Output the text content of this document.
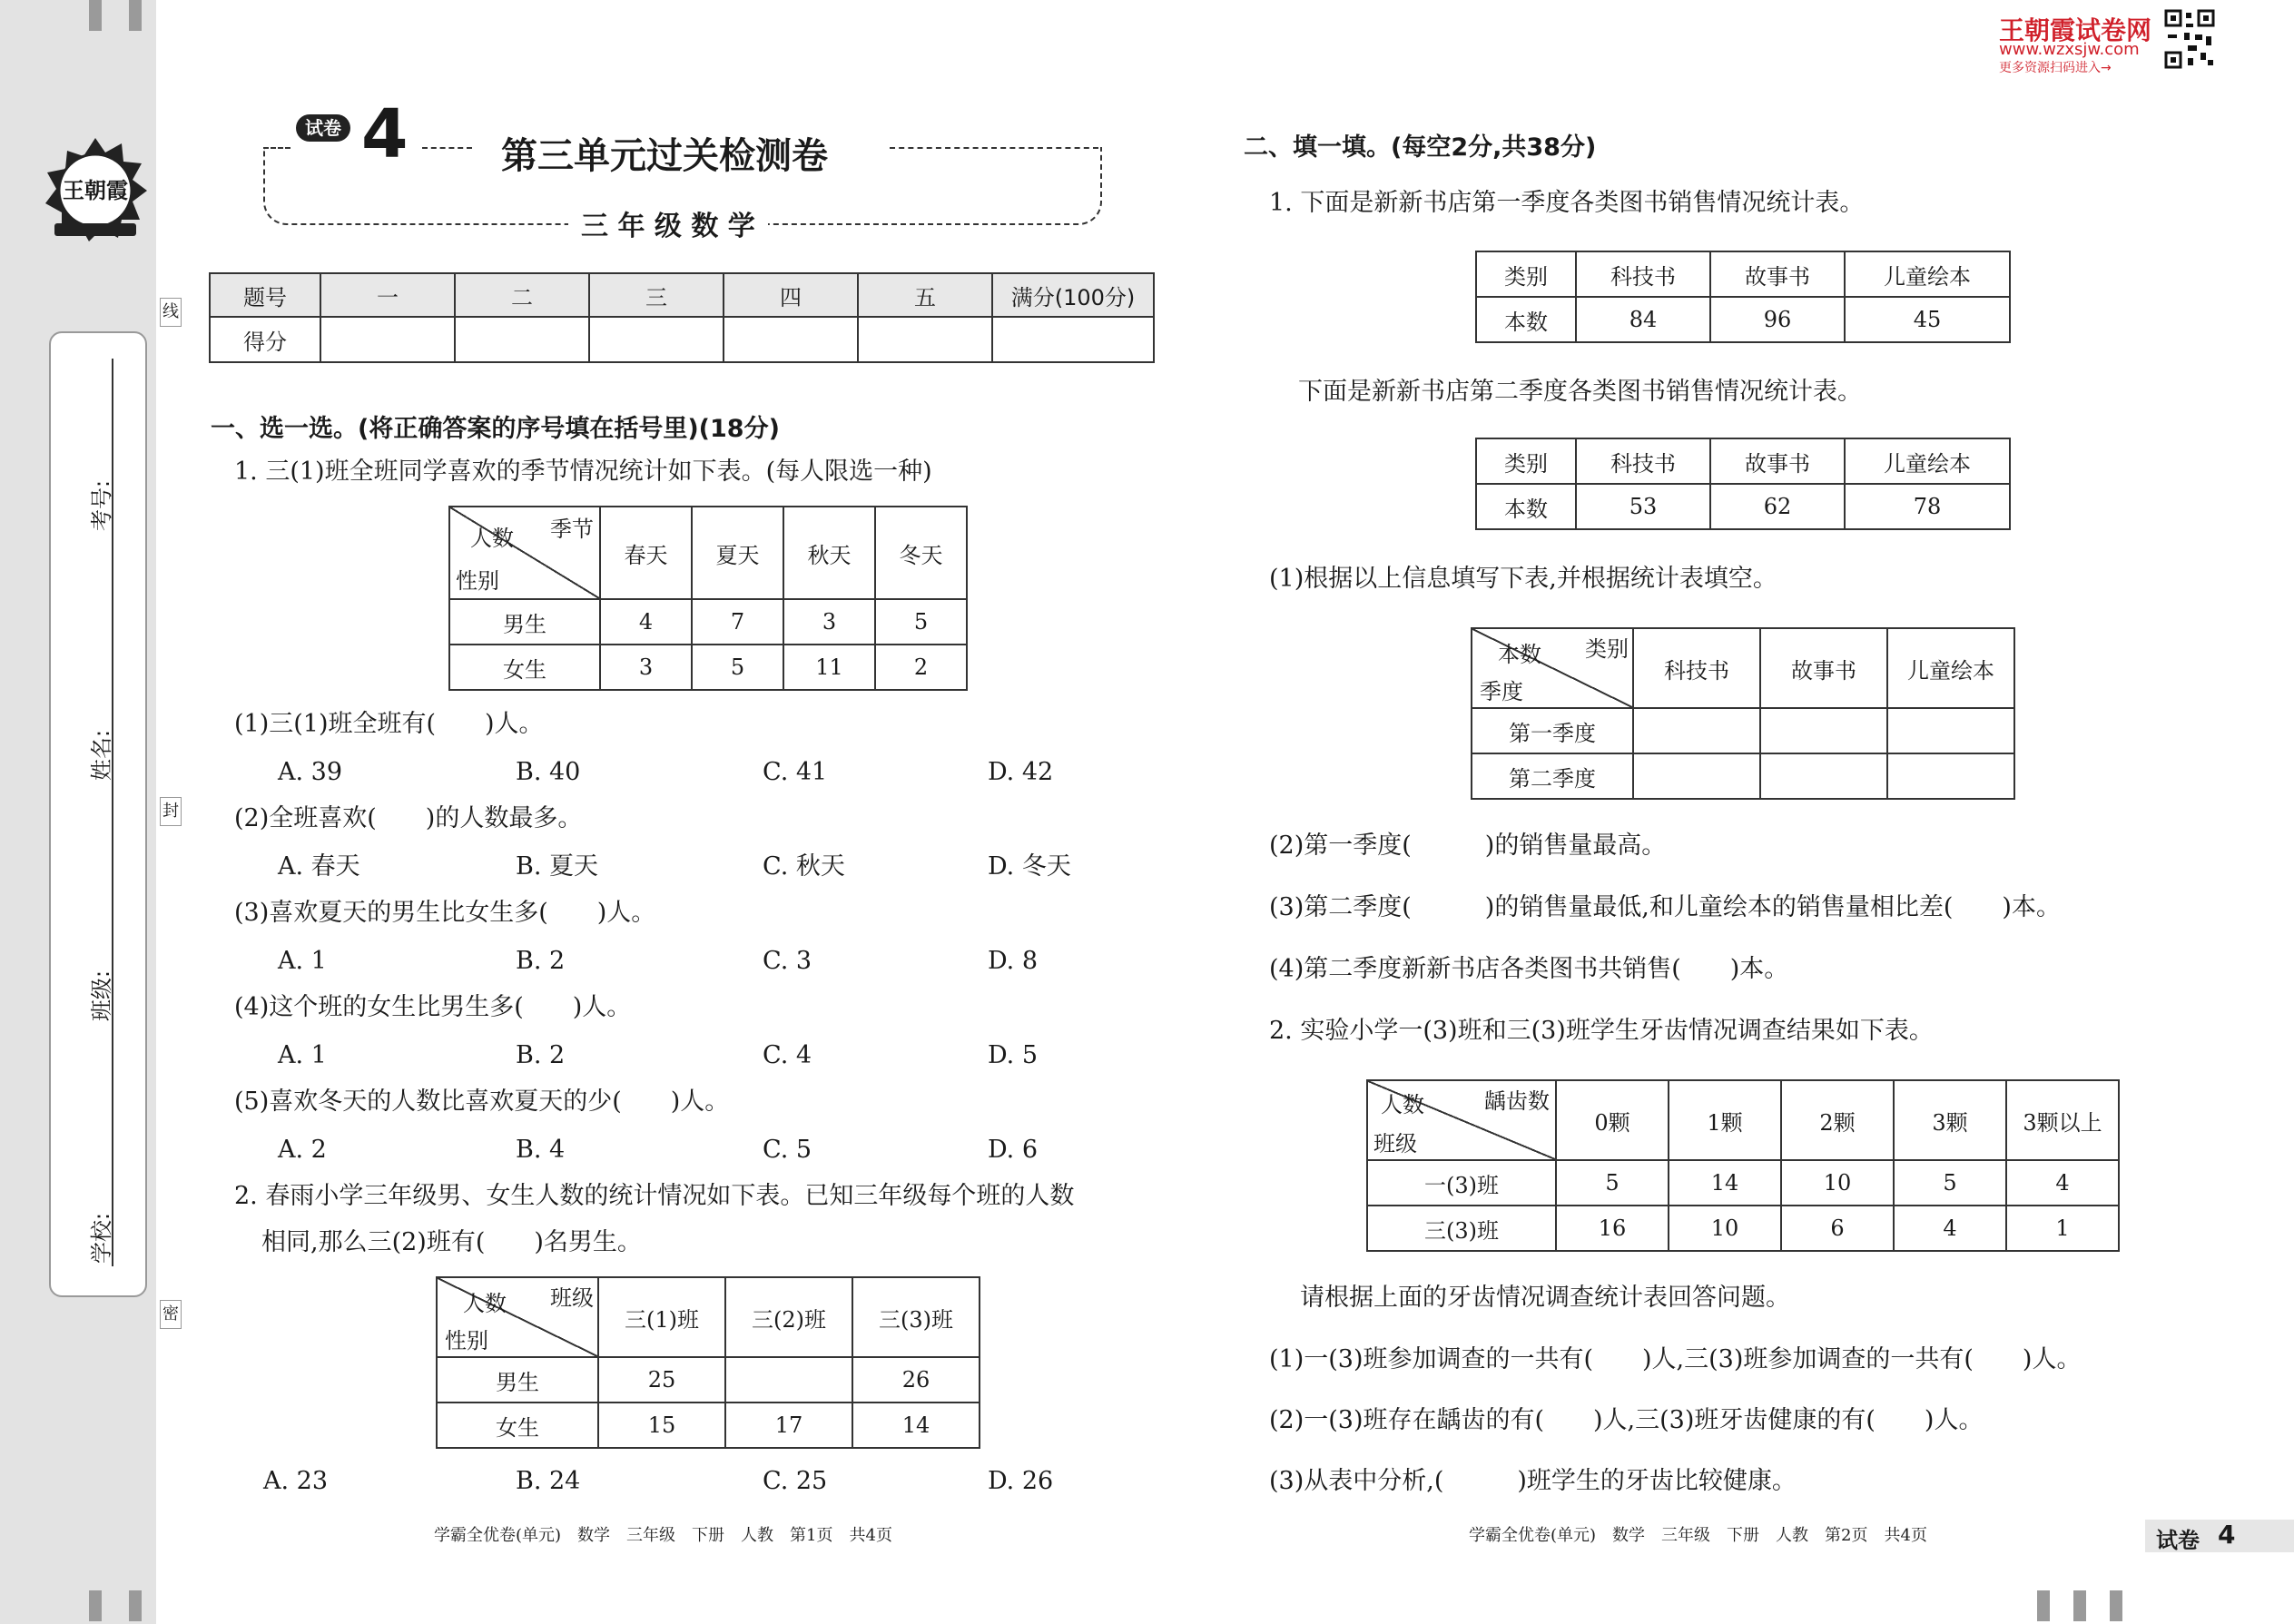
王朝霞
考号:
姓名:
班级:
学校:
线
封
密
王朝霞试卷网
www.wzxsjw.com
更多资源扫码进入→
试卷 4	第三单元过关检测卷
三 年 级 数 学
题号	一	二	三	四	五	满分(100分)
得分						
一、选一选。(将正确答案的序号填在括号里)(18分)
1. 三(1)班全班同学喜欢的季节情况统计如下表。(每人限选一种)
季节
人数
性别	春天	夏天	秋天	冬天
男生	4	7	3	5
女生	3	5	11	2
(1)三(1)班全班有(　　)人。
A. 39	B. 40	C. 41	D. 42
(2)全班喜欢(　　)的人数最多。
A. 春天	B. 夏天	C. 秋天	D. 冬天
(3)喜欢夏天的男生比女生多(　　)人。
A. 1	B. 2	C. 3	D. 8
(4)这个班的女生比男生多(　　)人。
A. 1	B. 2	C. 4	D. 5
(5)喜欢冬天的人数比喜欢夏天的少(　　)人。
A. 2	B. 4	C. 5	D. 6
2. 春雨小学三年级男、女生人数的统计情况如下表。已知三年级每个班的人数
相同,那么三(2)班有(　　)名男生。
班级
人数
性别	三(1)班	三(2)班	三(3)班
男生	25		26
女生	15	17	14
A. 23	B. 24	C. 25	D. 26
学霸全优卷(单元)　数学　三年级　下册　人教　第1页　共4页
二、填一填。(每空2分,共38分)
1. 下面是新新书店第一季度各类图书销售情况统计表。
类别	科技书	故事书	儿童绘本
本数	84	96	45
下面是新新书店第二季度各类图书销售情况统计表。
类别	科技书	故事书	儿童绘本
本数	53	62	78
(1)根据以上信息填写下表,并根据统计表填空。
类别
本数
季度	科技书	故事书	儿童绘本
第一季度			
第二季度			
(2)第一季度(　　　)的销售量最高。
(3)第二季度(　　　)的销售量最低,和儿童绘本的销售量相比差(　　)本。
(4)第二季度新新书店各类图书共销售(　　)本。
2. 实验小学一(3)班和三(3)班学生牙齿情况调查结果如下表。
龋齿数
人数
班级	0颗	1颗	2颗	3颗	3颗以上
一(3)班	5	14	10	5	4
三(3)班	16	10	6	4	1
请根据上面的牙齿情况调查统计表回答问题。
(1)一(3)班参加调查的一共有(　　)人,三(3)班参加调查的一共有(　　)人。
(2)一(3)班存在龋齿的有(　　)人,三(3)班牙齿健康的有(　　)人。
(3)从表中分析,(　　　)班学生的牙齿比较健康。
学霸全优卷(单元)　数学　三年级　下册　人教　第2页　共4页	试卷 4
